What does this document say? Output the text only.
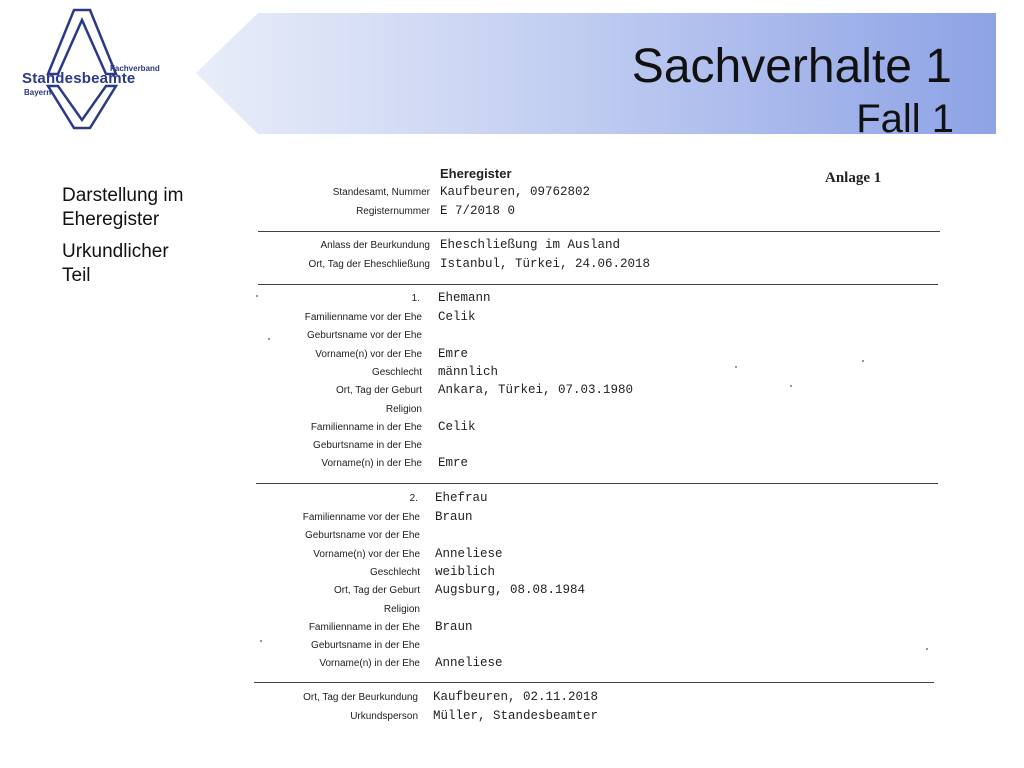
Fachverband
Standesbeamte
Bayern	Sachverhalte 1
Fall 1
Darstellung im Eheregister
Urkundlicher Teil
Eheregister	Anlage 1
Standesamt, Nummer Kaufbeuren, 09762802
Registernummer E 7/2018 0
Anlass der Beurkundung Eheschließung im Ausland
Ort, Tag der Eheschließung Istanbul, Türkei, 24.06.2018
1. Ehemann
Familienname vor der Ehe Celik
Geburtsname vor der Ehe
Vorname(n) vor der Ehe Emre
Geschlecht männlich
Ort, Tag der Geburt Ankara, Türkei, 07.03.1980
Religion
Familienname in der Ehe Celik
Geburtsname in der Ehe
Vorname(n) in der Ehe Emre
2. Ehefrau
Familienname vor der Ehe Braun
Geburtsname vor der Ehe
Vorname(n) vor der Ehe Anneliese
Geschlecht weiblich
Ort, Tag der Geburt Augsburg, 08.08.1984
Religion
Familienname in der Ehe Braun
Geburtsname in der Ehe
Vorname(n) in der Ehe Anneliese
Ort, Tag der Beurkundung Kaufbeuren, 02.11.2018
Urkundsperson Müller, Standesbeamter
